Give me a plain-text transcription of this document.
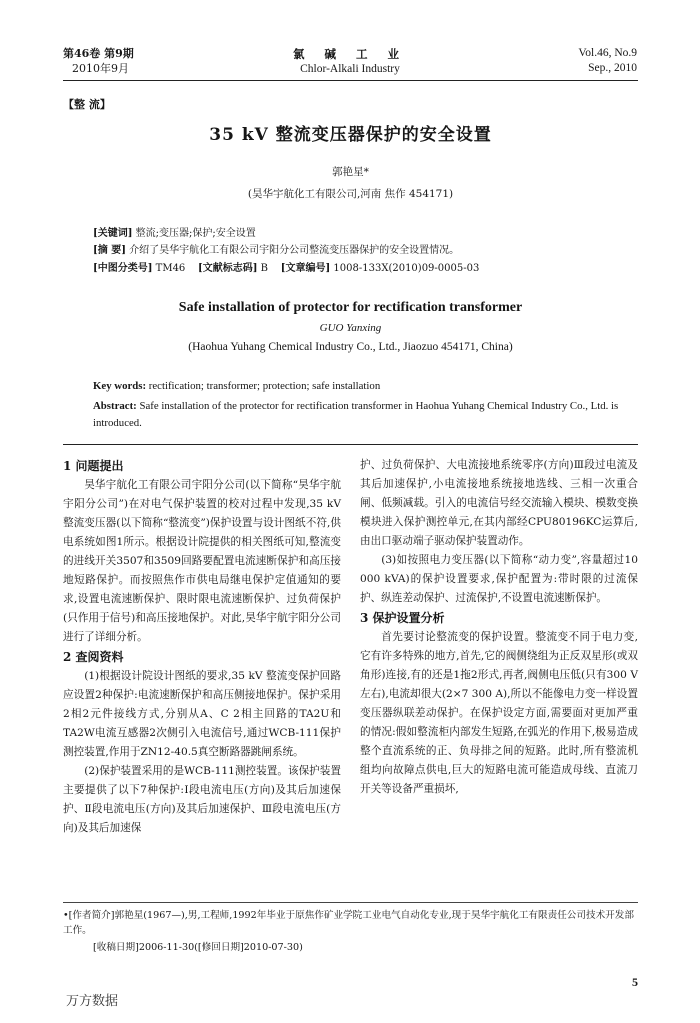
第46卷 第9期
2010年9月
氯 碱 工 业
Chlor-Alkali Industry
Vol.46, No.9
Sep., 2010
【整 流】
35 kV 整流变压器保护的安全设置
郭艳星*
(昊华宇航化工有限公司,河南 焦作 454171)
[关键词] 整流;变压器;保护;安全设置
[摘 要] 介绍了昊华宇航化工有限公司宇阳分公司整流变压器保护的安全设置情况。
[中图分类号] TM46 [文献标志码] B [文章编号] 1008-133X(2010)09-0005-03
Safe installation of protector for rectification transformer
GUO Yanxing
(Haohua Yuhang Chemical Industry Co., Ltd., Jiaozuo 454171, China)
Key words: rectification; transformer; protection; safe installation
Abstract: Safe installation of the protector for rectification transformer in Haohua Yuhang Chemical Industry Co., Ltd. is introduced.

1 问题提出

昊华宇航化工有限公司宇阳分公司(以下简称“昊华宇航宇阳分公司”)在对电气保护装置的校对过程中发现,35 kV 整流变压器(以下简称“整流变”)保护设置与设计图纸不符,供电系统如图1所示。根据设计院提供的相关图纸可知,整流变的进线开关3507和3509回路要配置电流速断保护和高压接地短路保护。而按照焦作市供电局继电保护定值通知的要求,设置电流速断保护、限时限电流速断保护、过负荷保护(只作用于信号)和高压接地保护。对此,昊华宇航宇阳分公司进行了详细分析。

2 查阅资料

(1)根据设计院设计图纸的要求,35 kV 整流变保护回路应设置2种保护:电流速断保护和高压侧接地保护。保护采用2相2元件接线方式,分别从A、C 2相主回路的TA2U和TA2W电流互感器2次侧引入电流信号,通过WCB-111保护测控装置,作用于ZN12-40.5真空断路器跳闸系统。

(2)保护装置采用的是WCB-111测控装置。该保护装置主要提供了以下7种保护:Ⅰ段电流电压(方向)及其后加速保护、Ⅱ段电流电压(方向)及其后加速保护、Ⅲ段电流电压(方向)及其后加速保

护、过负荷保护、大电流接地系统零序(方向)Ⅲ段过电流及其后加速保护,小电流接地系统接地选线、三相一次重合闸、低频减载。引入的电流信号经交流输入模块、模数变换模块进入保护测控单元,在其内部经CPU80196KC运算后,由出口驱动端子驱动保护装置动作。

(3)如按照电力变压器(以下简称“动力变”,容量超过10 000 kVA)的保护设置要求,保护配置为:带时限的过流保护、纵连差动保护、过流保护,不设置电流速断保护。

3 保护设置分析

首先要讨论整流变的保护设置。整流变不同于电力变,它有许多特殊的地方,首先,它的阀侧绕组为正反双星形(或双角形)连接,有的还是1拖2形式,再者,阀侧电压低(只有300 V左右),电流却很大(2×7 300 A),所以不能像电力变一样设置变压器纵联差动保护。在保护设定方面,需要面对更加严重的情况:假如整流柜内部发生短路,在弧光的作用下,极易造成整个直流系统的正、负母排之间的短路。此时,所有整流机组均向故障点供电,巨大的短路电流可能造成母线、直流刀开关等设备严重损坏,

•[作者简介]郭艳星(1967—),男,工程师,1992年毕业于原焦作矿业学院工业电气自动化专业,现于昊华宇航化工有限责任公司技术开发部工作。
[收稿日期]2006-11-30([修回日期]2010-07-30)
5
万方数据
